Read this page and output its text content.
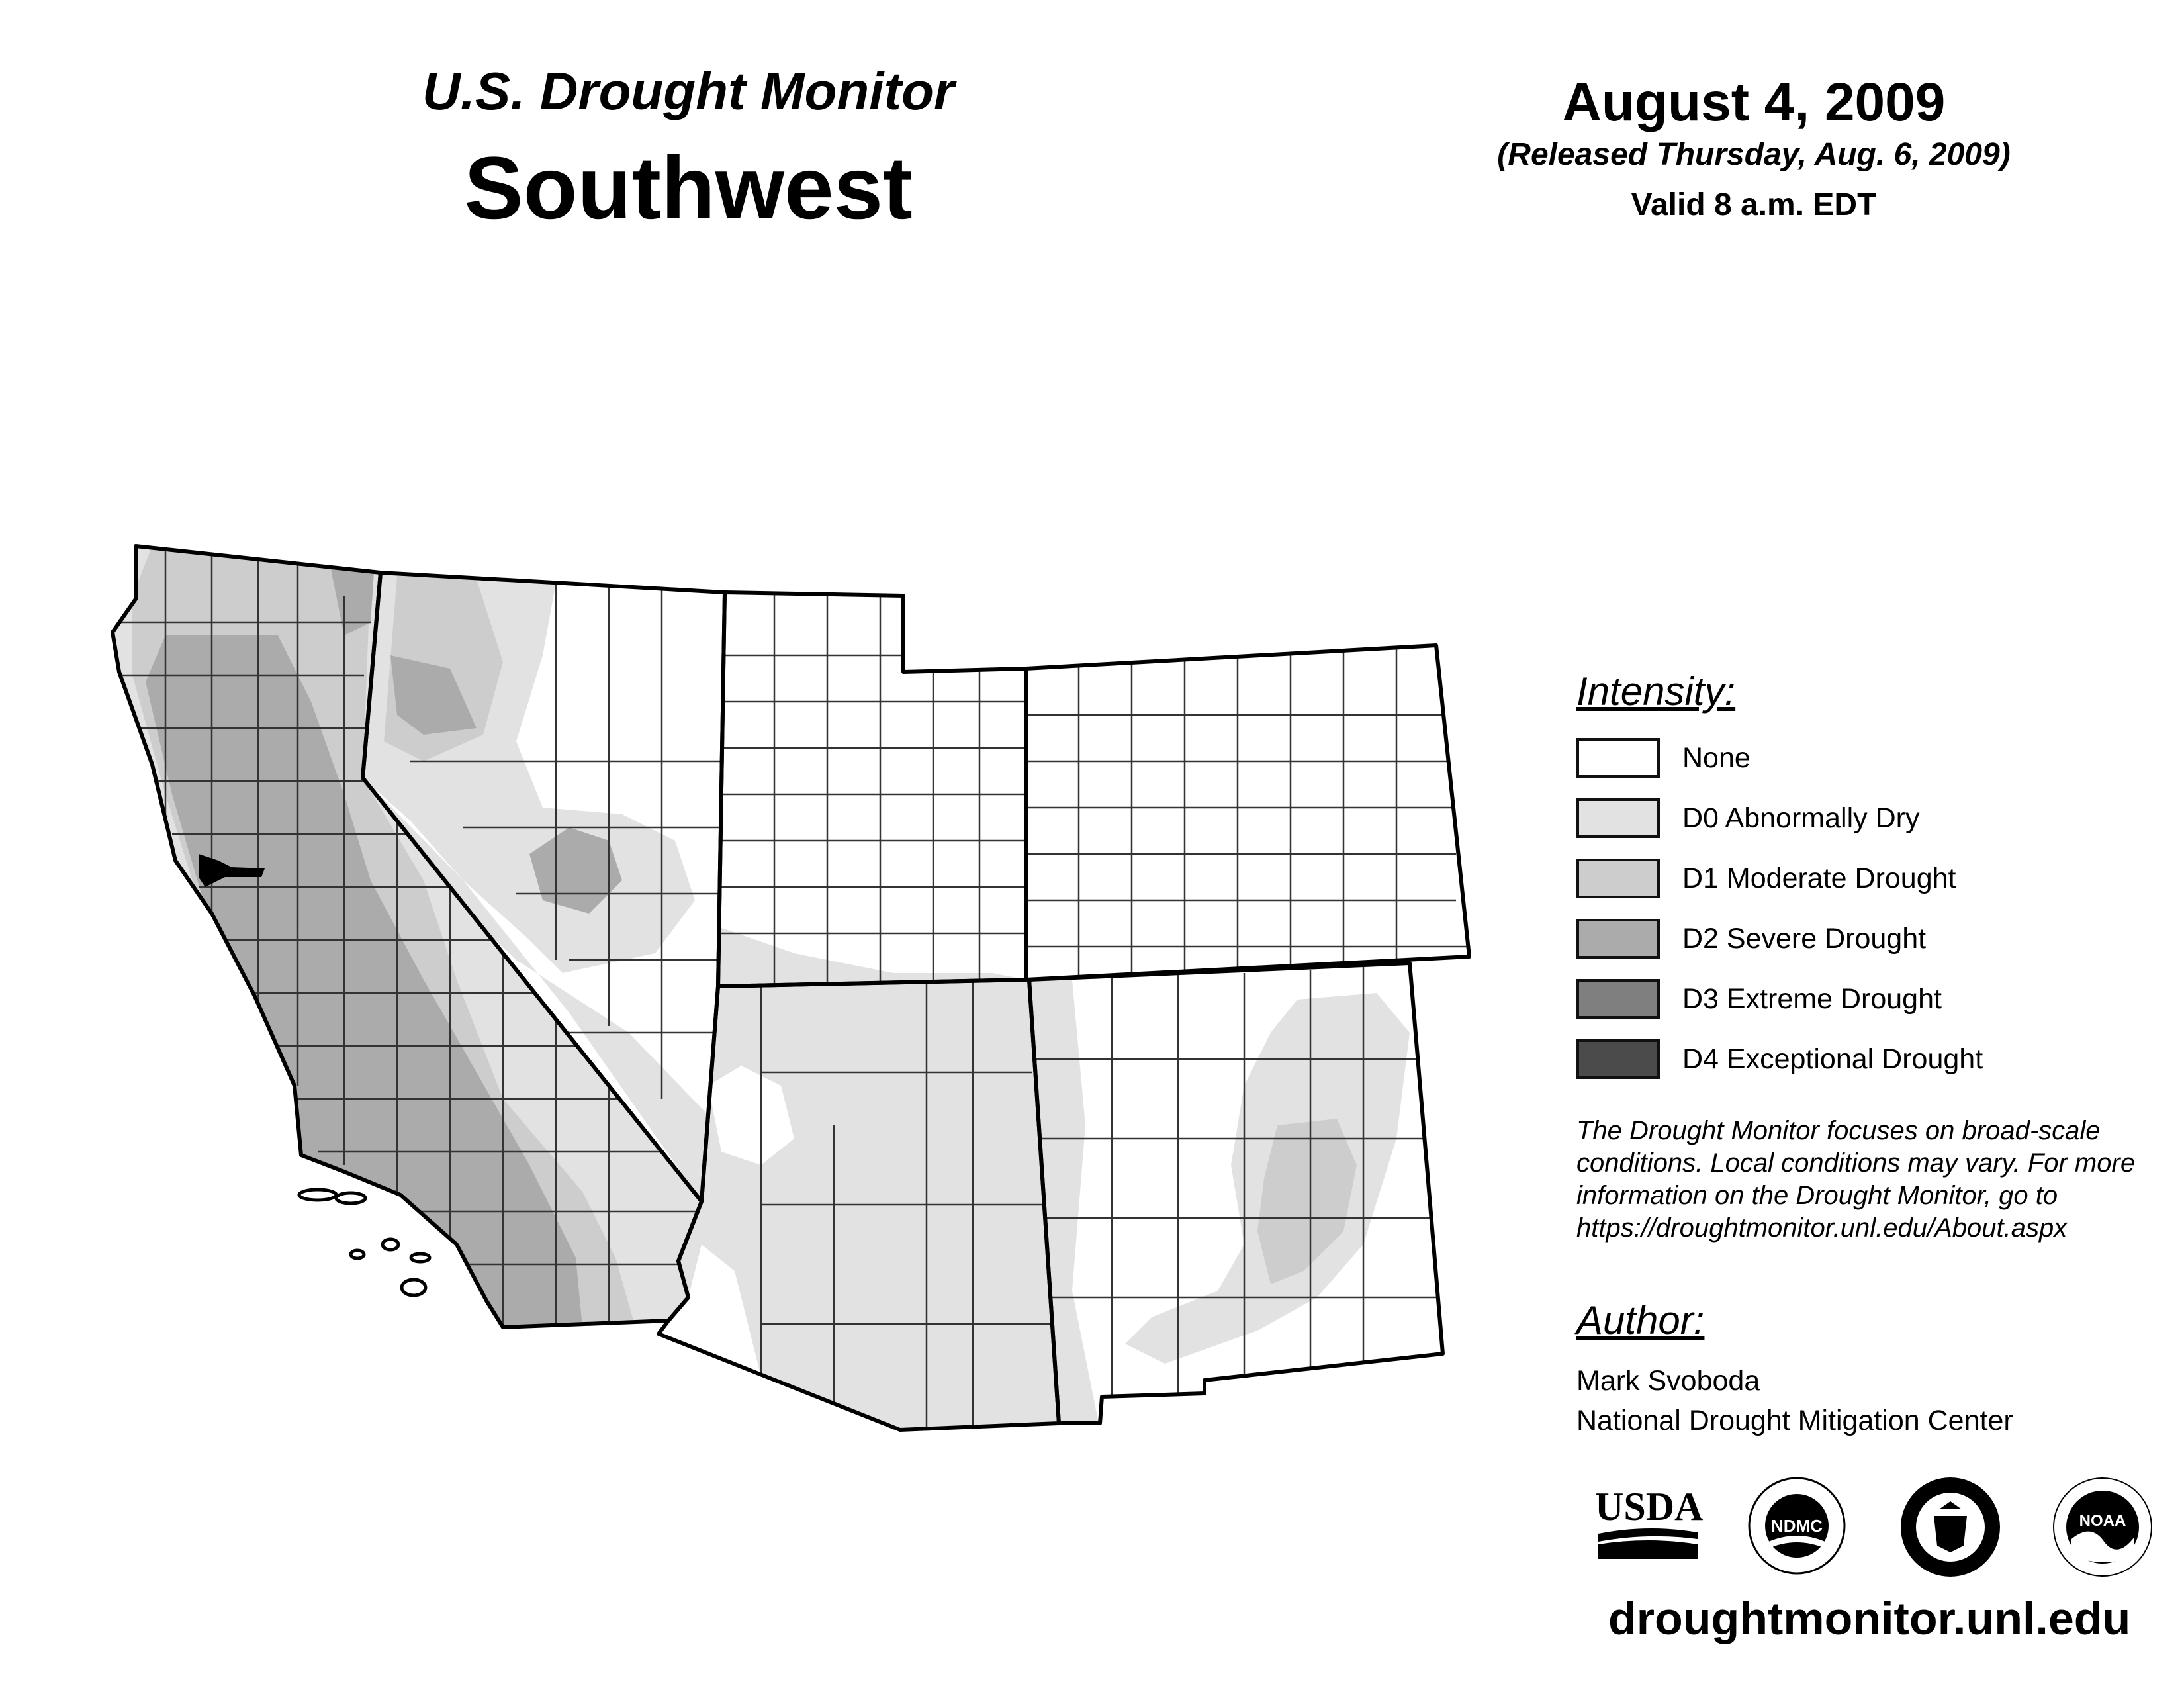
U.S. Drought Monitor
Southwest
August 4, 2009
(Released Thursday, Aug. 6, 2009)
Valid 8 a.m. EDT
Intensity:
None
D0 Abnormally Dry
D1 Moderate Drought
D2 Severe Drought
D3 Extreme Drought
D4 Exceptional Drought
The Drought Monitor focuses on broad-scale
conditions. Local conditions may vary. For more
information on the Drought Monitor, go to
https://droughtmonitor.unl.edu/About.aspx
Author:
Mark Svoboda
National Drought Mitigation Center
USDA	NDMC	NOAA
droughtmonitor.unl.edu
